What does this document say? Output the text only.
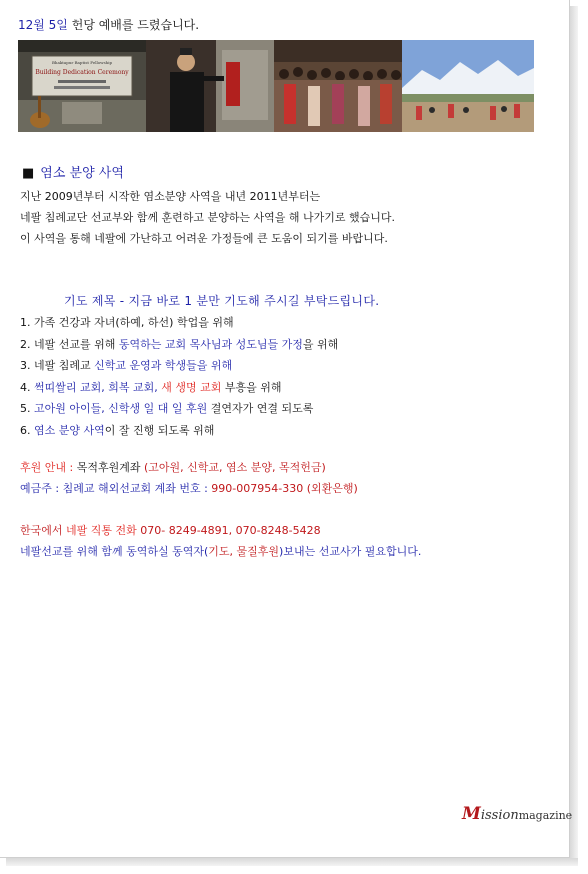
12월 5일 헌당 예배를 드렸습니다.
Bhaktapur Baptist Fellowship
Building Dedication Ceremony
■ 염소 분양 사역
지난 2009년부터 시작한 염소분양 사역을 내년 2011년부터는
네팔 침례교단 선교부와 함께 훈련하고 분양하는 사역을 해 나가기로 했습니다.
이 사역을 통해 네팔에 가난하고 어려운 가정들에 큰 도움이 되기를 바랍니다.
기도 제목 - 지금 바로 1 분만 기도해 주시길 부탁드립니다.
1. 가족 건강과 자녀(하예, 하선) 학업을 위해
2. 네팔 선교를 위해 동역하는 교회 목사님과 성도님들 가정을 위해
3. 네팔 침례교 신학교 운영과 학생들을 위해
4. 썩띠쌀리 교회, 희복 교회, 새 생명 교회 부흥을 위해
5. 고아원 아이들, 신학생 일 대 일 후원 결연자가 연결 되도록
6. 염소 분양 사역이 잘 진행 되도록 위해
후원 안내 : 목적후원계좌 (고아원, 신학교, 염소 분양, 목적헌금)
예금주 : 침례교 해외선교회 계좌 번호 : 990-007954-330 (외환은행)
한국에서 네팔 직통 전화 070- 8249-4891, 070-8248-5428
네팔선교를 위해 함께 동역하실 동역자(기도, 물질후원)보내는 선교사가 필요합니다.
Missionmagazine
